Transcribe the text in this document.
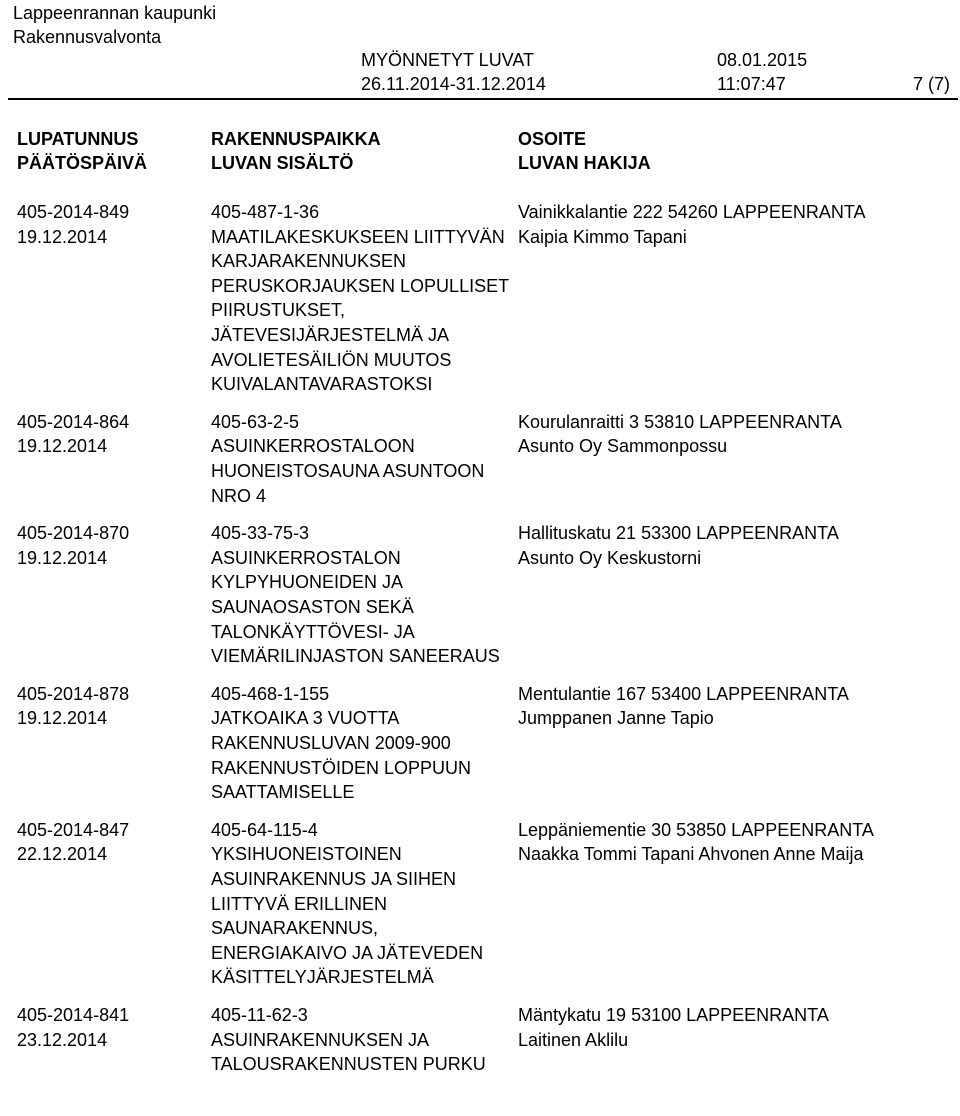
Lappeenrannan kaupunki
Rakennusvalvonta
MYÖNNETYT LUVAT
26.11.2014-31.12.2014
08.01.2015
11:07:47	7 (7)
LUPATUNNUS
PÄÄTÖSPÄIVÄ
RAKENNUSPAIKKA
LUVAN SISÄLTÖ
OSOITE
LUVAN HAKIJA
405-2014-849
19.12.2014
405-487-1-36
MAATILAKESKUKSEEN LIITTYVÄN
KARJARAKENNUKSEN
PERUSKORJAUKSEN LOPULLISET
PIIRUSTUKSET,
JÄTEVESIJÄRJESTELMÄ JA
AVOLIETESÄILIÖN MUUTOS
KUIVALANTAVARASTOKSI
Vainikkalantie 222 54260 LAPPEENRANTA
Kaipia Kimmo Tapani
405-2014-864
19.12.2014
405-63-2-5
ASUINKERROSTALOON
HUONEISTOSAUNA ASUNTOON
NRO 4
Kourulanraitti 3 53810 LAPPEENRANTA
Asunto Oy Sammonpossu
405-2014-870
19.12.2014
405-33-75-3
ASUINKERROSTALON
KYLPYHUONEIDEN JA
SAUNAOSASTON SEKÄ
TALONKÄYTTÖVESI- JA
VIEMÄRILINJASTON SANEERAUS
Hallituskatu 21 53300 LAPPEENRANTA
Asunto Oy Keskustorni
405-2014-878
19.12.2014
405-468-1-155
JATKOAIKA 3 VUOTTA
RAKENNUSLUVAN 2009-900
RAKENNUSTÖIDEN LOPPUUN
SAATTAMISELLE
Mentulantie 167 53400 LAPPEENRANTA
Jumppanen Janne Tapio
405-2014-847
22.12.2014
405-64-115-4
YKSIHUONEISTOINEN
ASUINRAKENNUS JA SIIHEN
LIITTYVÄ ERILLINEN
SAUNARAKENNUS,
ENERGIAKAIVO JA JÄTEVEDEN
KÄSITTELYJÄRJESTELMÄ
Leppäniementie 30 53850 LAPPEENRANTA
Naakka Tommi Tapani Ahvonen Anne Maija
405-2014-841
23.12.2014
405-11-62-3
ASUINRAKENNUKSEN JA
TALOUSRAKENNUSTEN PURKU
Mäntykatu 19 53100 LAPPEENRANTA
Laitinen Aklilu
